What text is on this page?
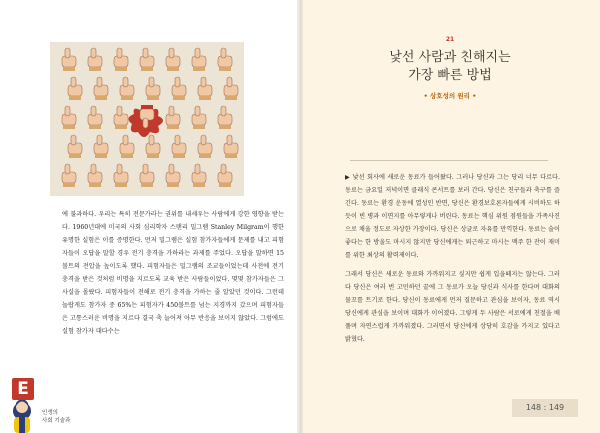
에 불과하다. 우리는 특히 전문가라는 권위를 내세우는 사람에게 강한 영향을 받는다. 1960년대에 미국의 사회 심리학자 스탠리 밀그램 Stanley Milgram이 행한 유명한 실험은 이를 증명한다. 먼저 밀그램은 실험 참가자들에게 문제를 내고 피험자들이 오답을 말할 경우 전기 충격을 가하라는 과제를 주었다. 오답을 말하면 15볼트의 전압을 높이도록 했다. 피험자들은 밀그램의 조교들이었는데 사전에 전기 충격을 받은 것처럼 비명을 지르도록 교육 받은 사람들이었다. 몇몇 참가자들은 그 사실을 몰랐다. 피험자들이 전해로 전기 충격을 가하는 줄 알았던 것이다. 그런데 놀랍게도 참가자 중 65%는 피험자가 450볼트를 넘는 지경까지 갔으며 피험자들은 고통스러운 비명을 지르다 결국 축 늘어져 아무 반응을 보이지 않았다. 그럼에도 실험 참가자 대다수는

E
인생의
사회 기술과
21
낯선 사람과 친해지는
가장 빠른 방법
• 상호성의 원리 •

▶ 낯선 회사에 새로운 동료가 들어왔다. 그러나 당신과 그는 당리 너무 다르다. 동료는 금요일 저녁이면 클래식 콘서트를 보러 간다. 당신은 친구들과 축구를 즐긴다. 동료는 환경 운동에 열성인 반면, 당신은 환경보호론자들에게 시비하도 하듯이 빈 병과 이면지를 아무렇게나 버린다. 동료는 핵심 위원 점원들을 가족사진으로 채울 정도로 자상한 가장이다. 당신은 상글로 자유를 만끽한다. 동료는 술이 좋다는 한 방울도 마시지 않지만 당신에게는 퇴근하고 마시는 맥주 한 잔이 재미를 위한 최상의 활력제이다.

그래서 당신은 새로운 동료와 가까워지고 싶지만 쉽게 입을떼지는 않는다. 그러다 당신은 여러 번 고민하던 끝에 그 동료가 오늘 당신과 식사를 한다며 대화의 물꼬를 트기로 한다. 당신이 동료에게 먼저 질문하고 관심을 보이자, 동료 역시 당신에게 관심을 보이며 대화가 이어졌다. 그렇게 두 사람은 서로에게 친절을 베풀며 자연스럽게 가까워졌다. 그러면서 당신에게 상당히 호감을 가지고 있다고 밝혔다.

148 : 149
